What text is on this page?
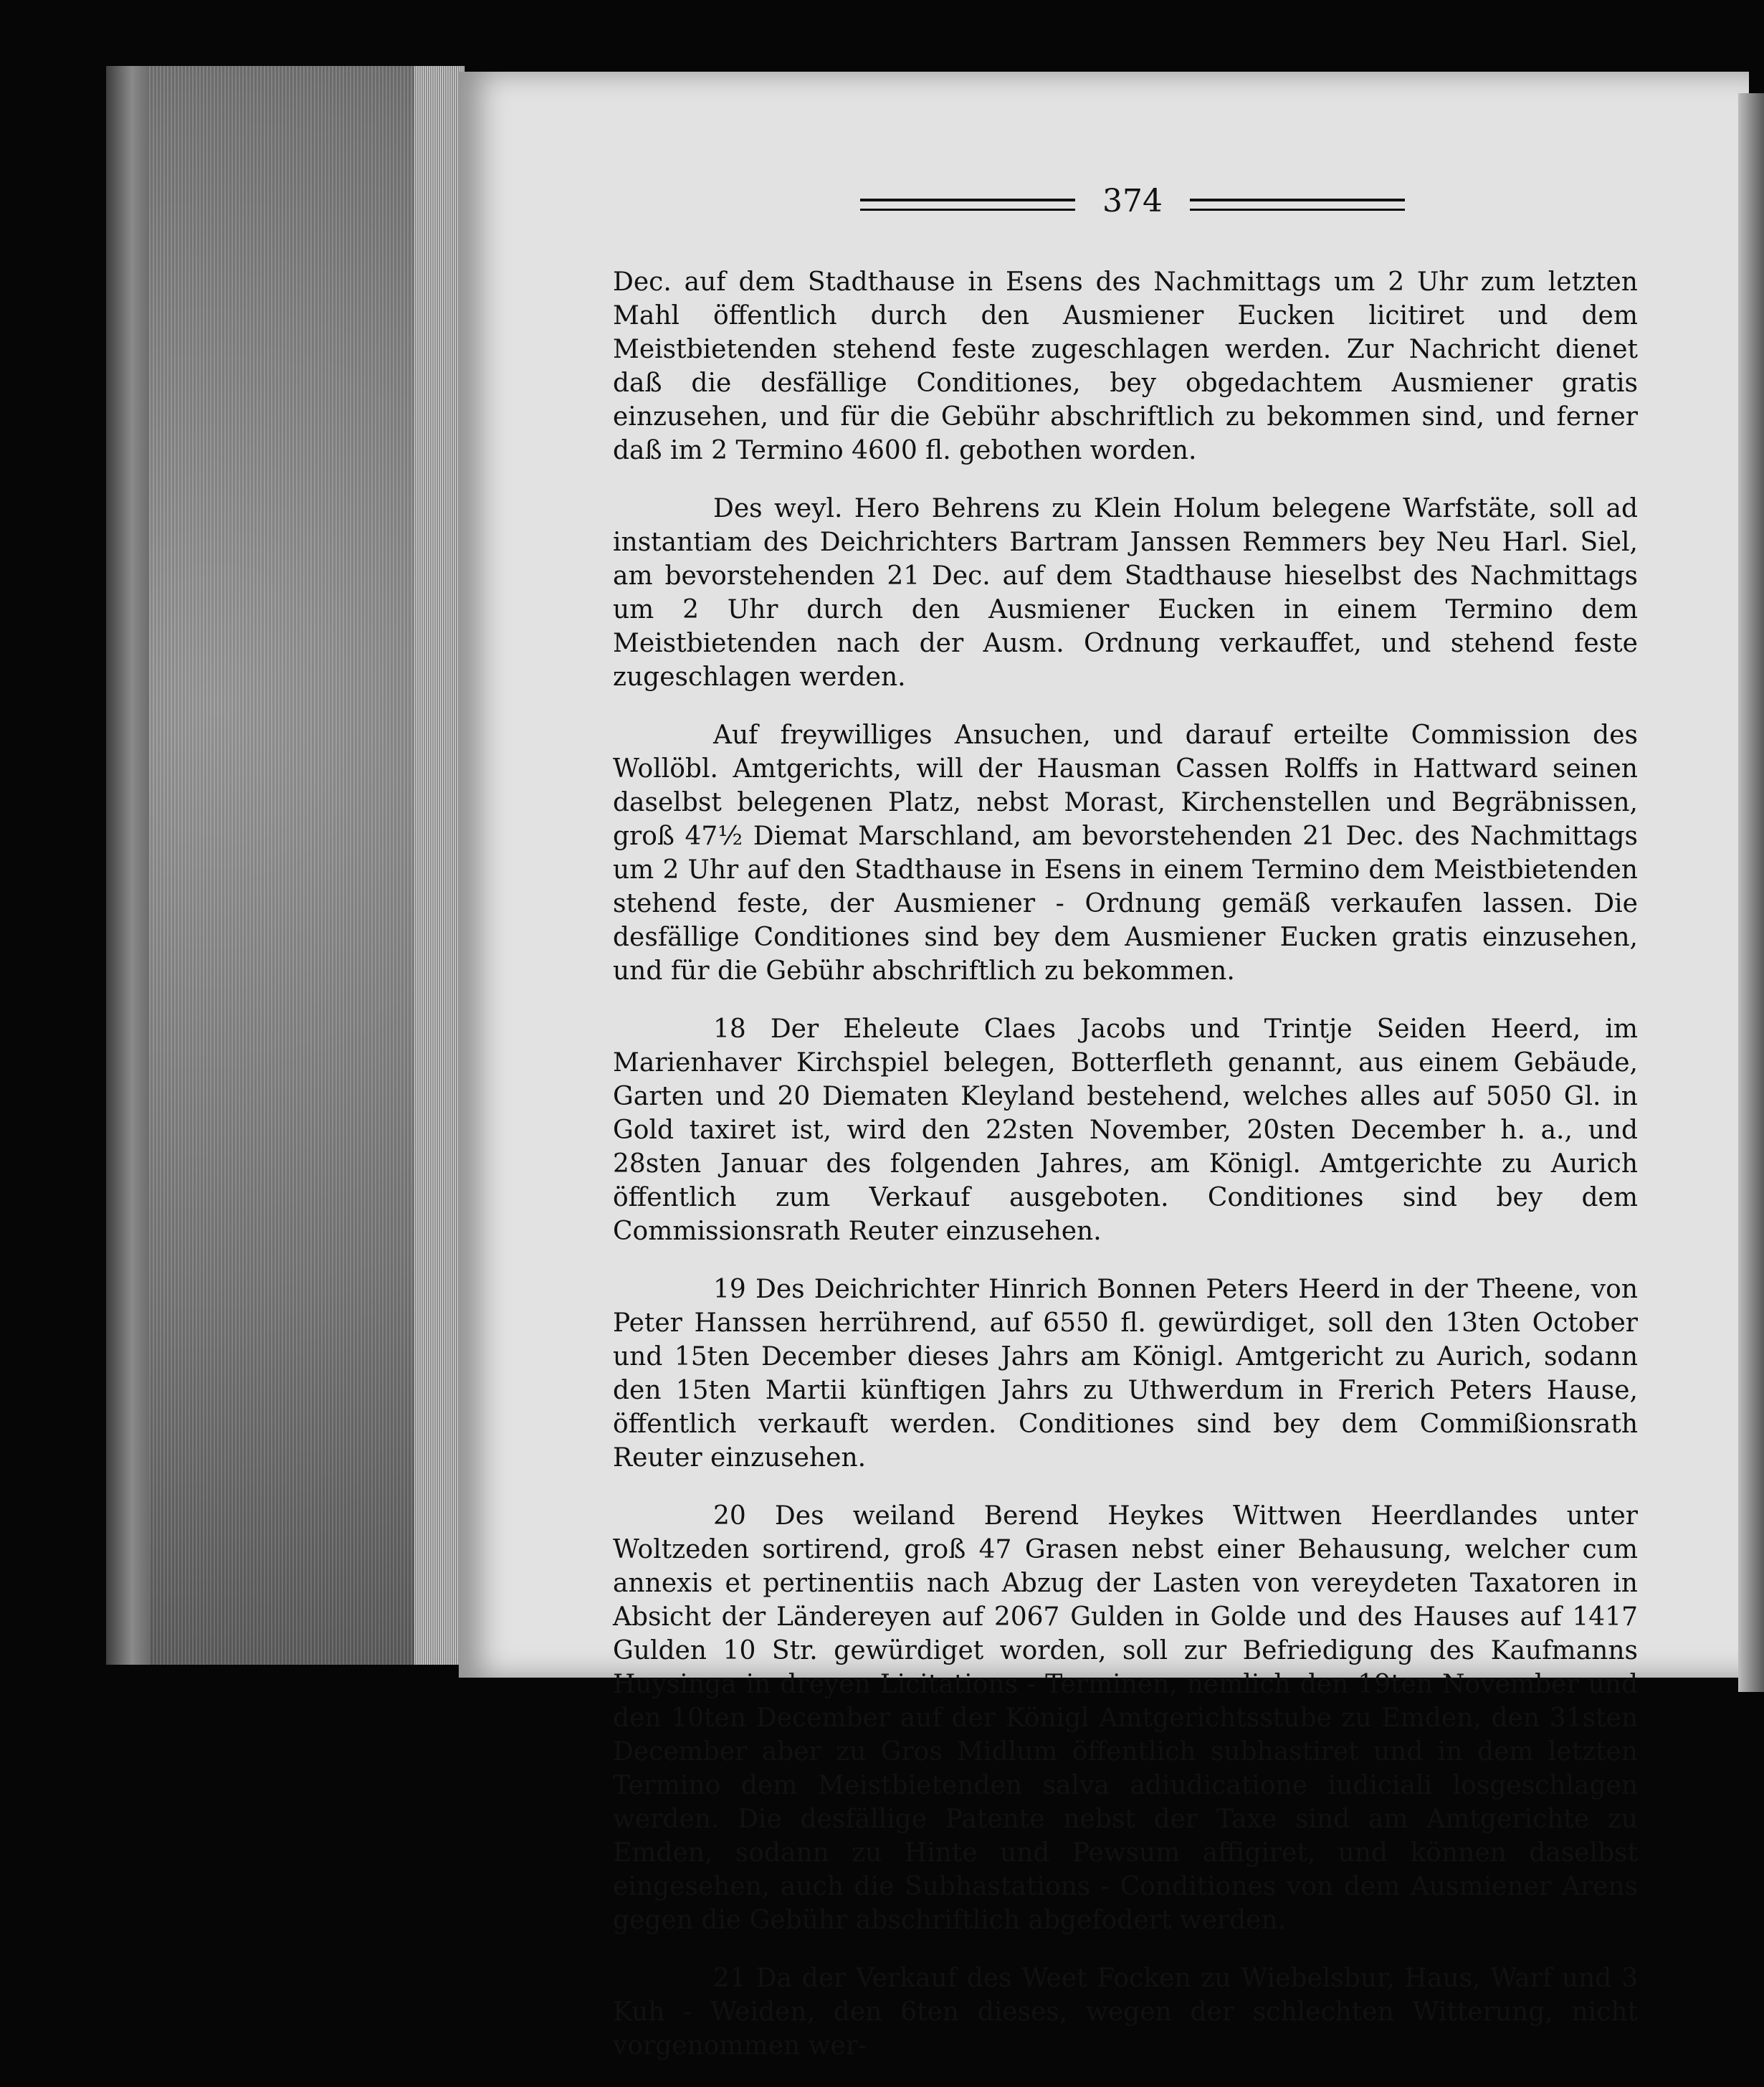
374

Dec. auf dem Stadthause in Esens des Nachmittags um 2 Uhr zum letzten Mahl öffentlich durch den Ausmiener Eucken licitiret und dem Meistbietenden stehend feste zugeschlagen werden. Zur Nachricht dienet daß die desfällige Conditiones, bey obgedachtem Ausmiener gratis einzusehen, und für die Gebühr abschriftlich zu bekommen sind, und ferner daß im 2 Termino 4600 fl. gebothen worden.

Des weyl. Hero Behrens zu Klein Holum belegene Warfstäte, soll ad instantiam des Deichrichters Bartram Janssen Remmers bey Neu Harl. Siel, am bevorstehenden 21 Dec. auf dem Stadthause hieselbst des Nachmittags um 2 Uhr durch den Ausmiener Eucken in einem Termino dem Meistbietenden nach der Ausm. Ordnung verkauffet, und stehend feste zugeschlagen werden.

Auf freywilliges Ansuchen, und darauf erteilte Commission des Wollöbl. Amtgerichts, will der Hausman Cassen Rolffs in Hattward seinen daselbst belegenen Platz, nebst Morast, Kirchenstellen und Begräbnissen, groß 47½ Diemat Marschland, am bevorstehenden 21 Dec. des Nachmittags um 2 Uhr auf den Stadthause in Esens in einem Termino dem Meistbietenden stehend feste, der Ausmiener - Ordnung gemäß verkaufen lassen. Die desfällige Conditiones sind bey dem Ausmiener Eucken gratis einzusehen, und für die Gebühr abschriftlich zu bekommen.

18 Der Eheleute Claes Jacobs und Trintje Seiden Heerd, im Marienhaver Kirchspiel belegen, Botterfleth genannt, aus einem Gebäude, Garten und 20 Diematen Kleyland bestehend, welches alles auf 5050 Gl. in Gold taxiret ist, wird den 22sten November, 20sten December h. a., und 28sten Januar des folgenden Jahres, am Königl. Amtgerichte zu Aurich öffentlich zum Verkauf ausgeboten. Conditiones sind bey dem Commissionsrath Reuter einzusehen.

19 Des Deichrichter Hinrich Bonnen Peters Heerd in der Theene, von Peter Hanssen herrührend, auf 6550 fl. gewürdiget, soll den 13ten October und 15ten December dieses Jahrs am Königl. Amtgericht zu Aurich, sodann den 15ten Martii künftigen Jahrs zu Uthwerdum in Frerich Peters Hause, öffentlich verkauft werden. Conditiones sind bey dem Commißionsrath Reuter einzusehen.

20 Des weiland Berend Heykes Wittwen Heerdlandes unter Woltzeden sortirend, groß 47 Grasen nebst einer Behausung, welcher cum annexis et pertinentiis nach Abzug der Lasten von vereydeten Taxatoren in Absicht der Ländereyen auf 2067 Gulden in Golde und des Hauses auf 1417 Gulden 10 Str. gewürdiget worden, soll zur Befriedigung des Kaufmanns Huysinga in dreyen Licitations - Terminen, nemlich den 19ten November und den 10ten December auf der Königl Amtgerichtsstube zu Emden, den 31sten December aber zu Gros Midlum öffentlich subhastiret und in dem letzten Termino dem Meistbietenden salva adiudicatione iudiciali losgeschlagen werden. Die desfällige Patente nebst der Taxe sind am Amtgerichte zu Emden, sodann zu Hinte und Pewsum affigiret, und können daselbst eingesehen, auch die Subhastations - Conditiones von dem Ausmiener Arens gegen die Gebühr abschriftlich abgefodert werden.

21 Da der Verkauf des Weet Focken zu Wiebelsbur, Haus, Warf und 3 Kuh - Weiden, den 6ten dieses, wegen der schlechten Witterung, nicht vorgenommen wer-
